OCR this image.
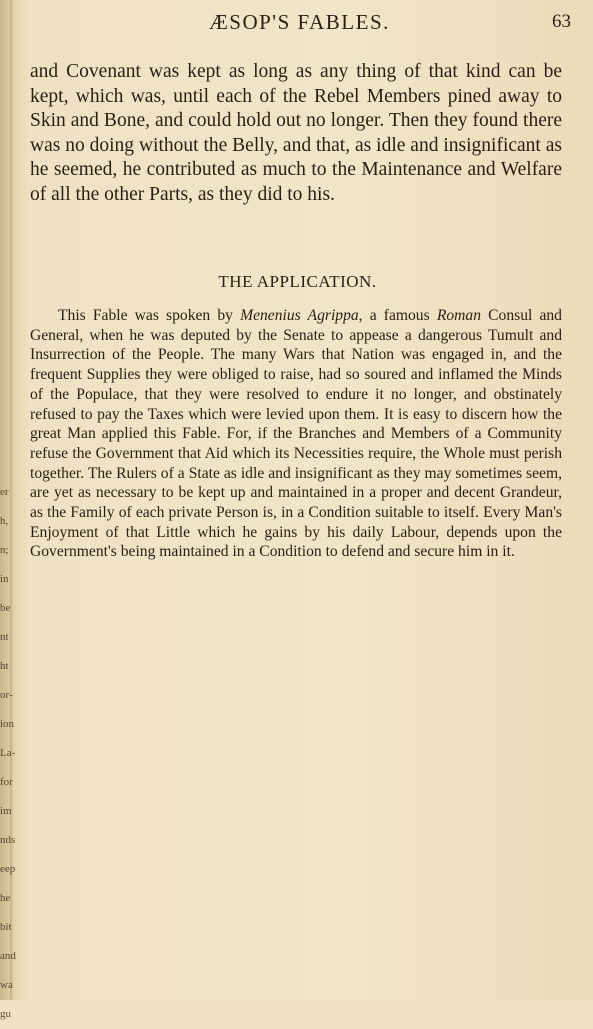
ÆSOP'S FABLES.	63
and Covenant was kept as long as any thing of that kind can be kept, which was, until each of the Rebel Members pined away to Skin and Bone, and could hold out no longer. Then they found there was no doing without the Belly, and that, as idle and insignificant as he seemed, he contributed as much to the Maintenance and Welfare of all the other Parts, as they did to his.
THE APPLICATION.
This Fable was spoken by Menenius Agrippa, a famous Roman Consul and General, when he was deputed by the Senate to appease a dangerous Tumult and Insurrection of the People. The many Wars that Nation was engaged in, and the frequent Supplies they were obliged to raise, had so soured and inflamed the Minds of the Populace, that they were resolved to endure it no longer, and obstinately refused to pay the Taxes which were levied upon them. It is easy to discern how the great Man applied this Fable. For, if the Branches and Members of a Community refuse the Government that Aid which its Necessities require, the Whole must perish together. The Rulers of a State as idle and insignificant as they may sometimes seem, are yet as necessary to be kept up and maintained in a proper and decent Grandeur, as the Family of each private Person is, in a Condition suitable to itself. Every Man's Enjoyment of that Little which he gains by his daily Labour, depends upon the Government's being maintained in a Condition to defend and secure him in it.
er
h,
n;
in
be
nt
ht
or-
ion
La-
for
im
nds
eep
he
bit
and
wa
gu
